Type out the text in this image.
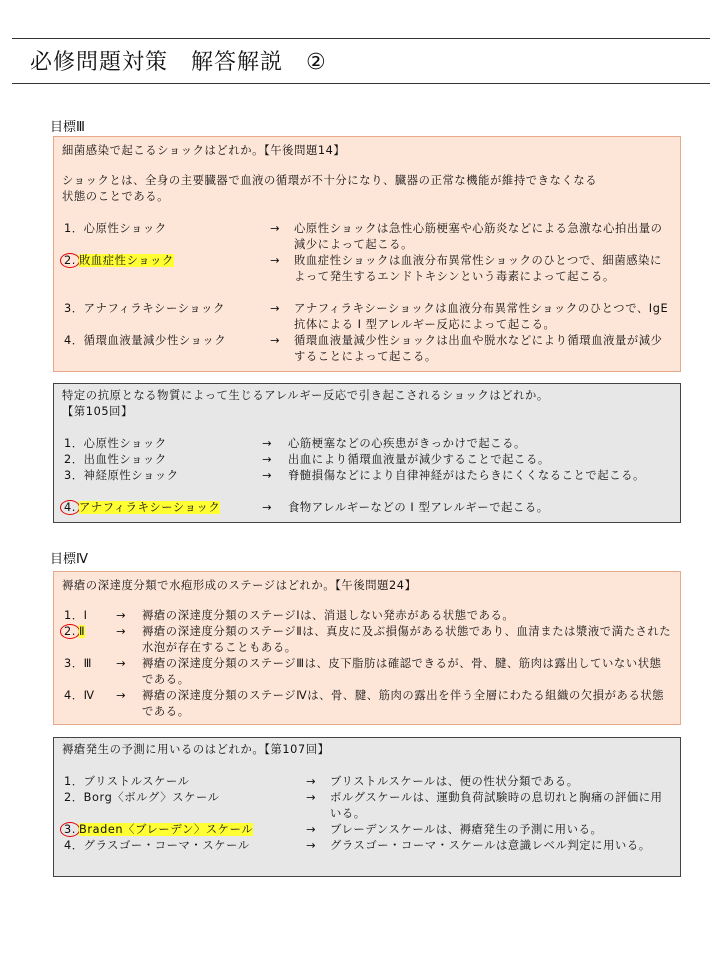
必修問題対策　解答解説　②
目標Ⅲ
細菌感染で起こるショックはどれか。【午後問題14】
ショックとは、全身の主要臓器で血液の循環が不十分になり、臓器の正常な機能が維持できなくなる
状態のことである。
1．心原性ショック	→ 心原性ショックは急性心筋梗塞や心筋炎などによる急激な心拍出量の減少によって起こる。
2. 敗血症性ショック	→ 敗血症性ショックは血液分布異常性ショックのひとつで、細菌感染によって発生するエンドトキシンという毒素によって起こる。
3．アナフィラキシーショック	→ アナフィラキシーショックは血液分布異常性ショックのひとつで、IgE抗体による I 型アレルギー反応によって起こる。
4．循環血液量減少性ショック	→ 循環血液量減少性ショックは出血や脱水などにより循環血液量が減少することによって起こる。
特定の抗原となる物質によって生じるアレルギー反応で引き起こされるショックはどれか。
【第105回】
1．心原性ショック	→ 心筋梗塞などの心疾患がきっかけで起こる。
2．出血性ショック	→ 出血により循環血液量が減少することで起こる。
3．神経原性ショック	→ 脊髄損傷などにより自律神経がはたらきにくくなることで起こる。
4. アナフィラキシーショック	→ 食物アレルギーなどの I 型アレルギーで起こる。
目標Ⅳ
褥瘡の深達度分類で水疱形成のステージはどれか。【午後問題24】
1．Ⅰ	→ 褥瘡の深達度分類のステージⅠは、消退しない発赤がある状態である。
2. Ⅱ	→ 褥瘡の深達度分類のステージⅡは、真皮に及ぶ損傷がある状態であり、血清または漿液で満たされた水泡が存在することもある。
3．Ⅲ → 褥瘡の深達度分類のステージⅢは、皮下脂肪は確認できるが、骨、腱、筋肉は露出していない状態である。
4．Ⅳ → 褥瘡の深達度分類のステージⅣは、骨、腱、筋肉の露出を伴う全層にわたる組織の欠損がある状態である。
褥瘡発生の予測に用いるのはどれか。【第107回】
1．ブリストルスケール	→ ブリストルスケールは、便の性状分類である。
2．Borg〈ボルグ〉スケール	→ ボルグスケールは、運動負荷試験時の息切れと胸痛の評価に用いる。
3. Braden〈ブレーデン〉スケール	→ ブレーデンスケールは、褥瘡発生の予測に用いる。
4．グラスゴー・コーマ・スケール	→ グラスゴー・コーマ・スケールは意識レベル判定に用いる。
